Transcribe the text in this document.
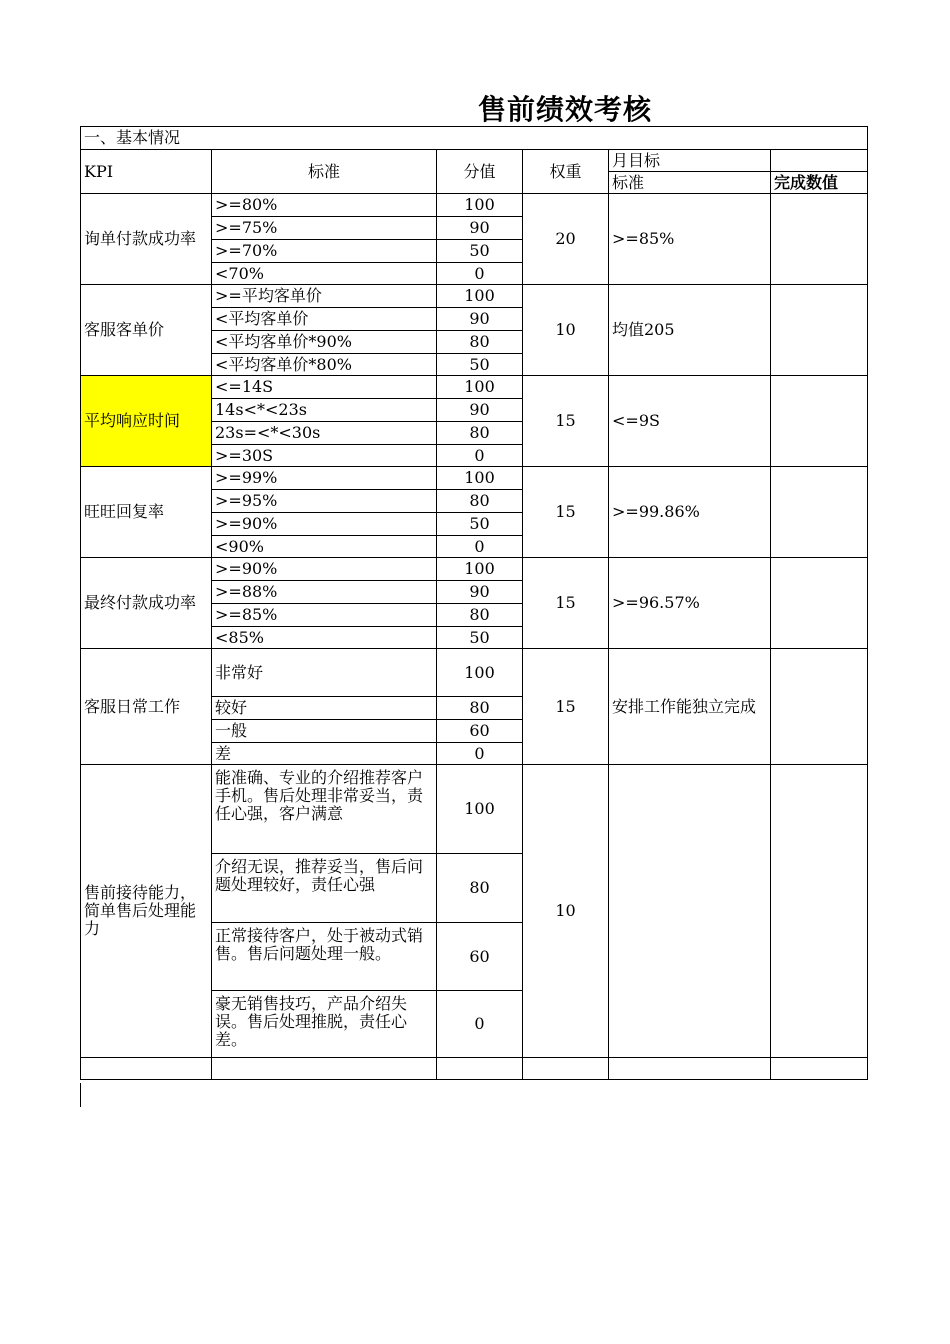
售前绩效考核
一、基本情况					
KPI	标准	分值	权重	月目标	
				标准	完成数值
询单付款成功率	>=80%	100	20	>=85%	
	>=75%	90			
	>=70%	50			
	<70%	0			
客服客单价	>=平均客单价	100	10	均值205	
	<平均客单价	90			
	<平均客单价*90%	80			
	<平均客单价*80%	50			
平均响应时间	<=14S	100	15	<=9S	
	14s<*<23s	90			
	23s=<*<30s	80			
	>=30S	0			
旺旺回复率	>=99%	100	15	>=99.86%	
	>=95%	80			
	>=90%	50			
	<90%	0			
最终付款成功率	>=90%	100	15	>=96.57%	
	>=88%	90			
	>=85%	80			
	<85%	50			
客服日常工作	非常好	100	15	安排工作能独立完成	
	较好	80			
	一般	60			
	差	0			
售前接待能力，简单售后处理能力	能准确、专业的介绍推荐客户手机。售后处理非常妥当，责任心强，客户满意	100	10		
	介绍无误，推荐妥当，售后问题处理较好，责任心强	80			
	正常接待客户，处于被动式销售。售后问题处理一般。	60			
	豪无销售技巧，产品介绍失误。售后处理推脱，责任心差。	0			
